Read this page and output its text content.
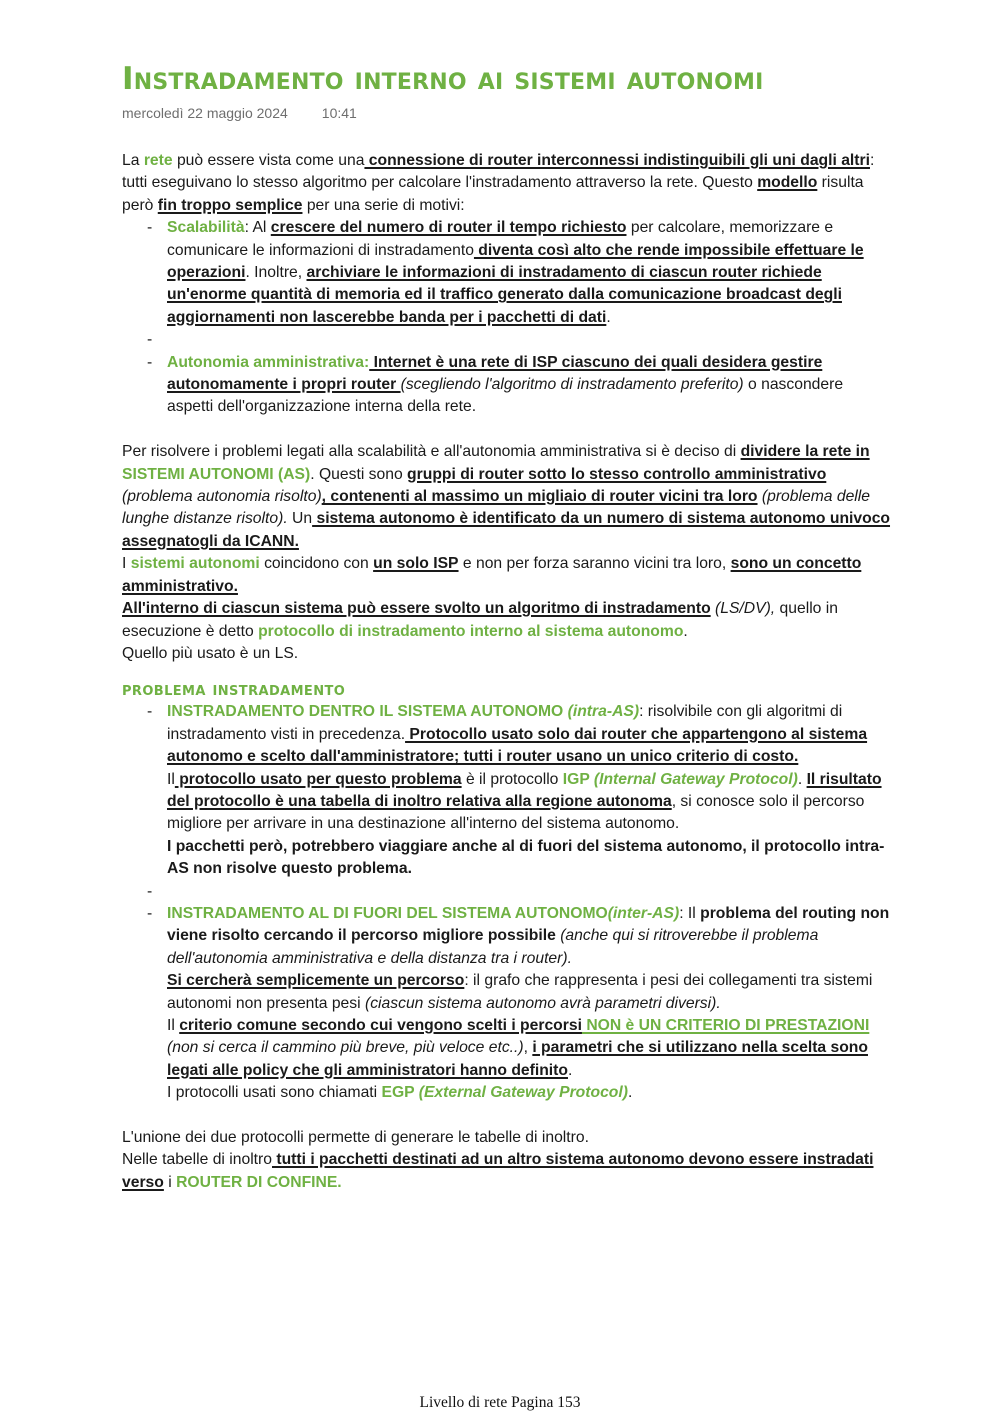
Instradamento interno ai sistemi autonomi
mercoledì 22 maggio 2024 10:41

La rete può essere vista come una connessione di router interconnessi indistinguibili gli uni dagli altri: tutti eseguivano lo stesso algoritmo per calcolare l'instradamento attraverso la rete. Questo modello risulta però fin troppo semplice per una serie di motivi:

- Scalabilità: Al crescere del numero di router il tempo richiesto per calcolare, memorizzare e comunicare le informazioni di instradamento diventa così alto che rende impossibile effettuare le operazioni. Inoltre, archiviare le informazioni di instradamento di ciascun router richiede un'enorme quantità di memoria ed il traffico generato dalla comunicazione broadcast degli aggiornamenti non lascerebbe banda per i pacchetti di dati.
-
- Autonomia amministrativa: Internet è una rete di ISP ciascuno dei quali desidera gestire autonomamente i propri router (scegliendo l'algoritmo di instradamento preferito) o nascondere aspetti dell'organizzazione interna della rete.

Per risolvere i problemi legati alla scalabilità e all'autonomia amministrativa si è deciso di dividere la rete in SISTEMI AUTONOMI (AS). Questi sono gruppi di router sotto lo stesso controllo amministrativo (problema autonomia risolto), contenenti al massimo un migliaio di router vicini tra loro (problema delle lunghe distanze risolto). Un sistema autonomo è identificato da un numero di sistema autonomo univoco assegnatogli da ICANN.

I sistemi autonomi coincidono con un solo ISP e non per forza saranno vicini tra loro, sono un concetto amministrativo.

All'interno di ciascun sistema può essere svolto un algoritmo di instradamento (LS/DV), quello in esecuzione è detto protocollo di instradamento interno al sistema autonomo.

Quello più usato è un LS.

problema instradamento

- INSTRADAMENTO DENTRO IL SISTEMA AUTONOMO (intra-AS): risolvibile con gli algoritmi di instradamento visti in precedenza. Protocollo usato solo dai router che appartengono al sistema autonomo e scelto dall'amministratore; tutti i router usano un unico criterio di costo.

Il protocollo usato per questo problema è il protocollo IGP (Internal Gateway Protocol). Il risultato del protocollo è una tabella di inoltro relativa alla regione autonoma, si conosce solo il percorso migliore per arrivare in una destinazione all'interno del sistema autonomo.

I pacchetti però, potrebbero viaggiare anche al di fuori del sistema autonomo, il protocollo intra-AS non risolve questo problema.

-

- INSTRADAMENTO AL DI FUORI DEL SISTEMA AUTONOMO(inter-AS): Il problema del routing non viene risolto cercando il percorso migliore possibile (anche qui si ritroverebbe il problema dell'autonomia amministrativa e della distanza tra i router).

Si cercherà semplicemente un percorso: il grafo che rappresenta i pesi dei collegamenti tra sistemi autonomi non presenta pesi (ciascun sistema autonomo avrà parametri diversi).

Il criterio comune secondo cui vengono scelti i percorsi NON è UN CRITERIO DI PRESTAZIONI (non si cerca il cammino più breve, più veloce etc..), i parametri che si utilizzano nella scelta sono legati alle policy che gli amministratori hanno definito.

I protocolli usati sono chiamati EGP (External Gateway Protocol).

L'unione dei due protocolli permette di generare le tabelle di inoltro.

Nelle tabelle di inoltro tutti i pacchetti destinati ad un altro sistema autonomo devono essere instradati verso i ROUTER DI CONFINE.

Livello di rete Pagina 153
